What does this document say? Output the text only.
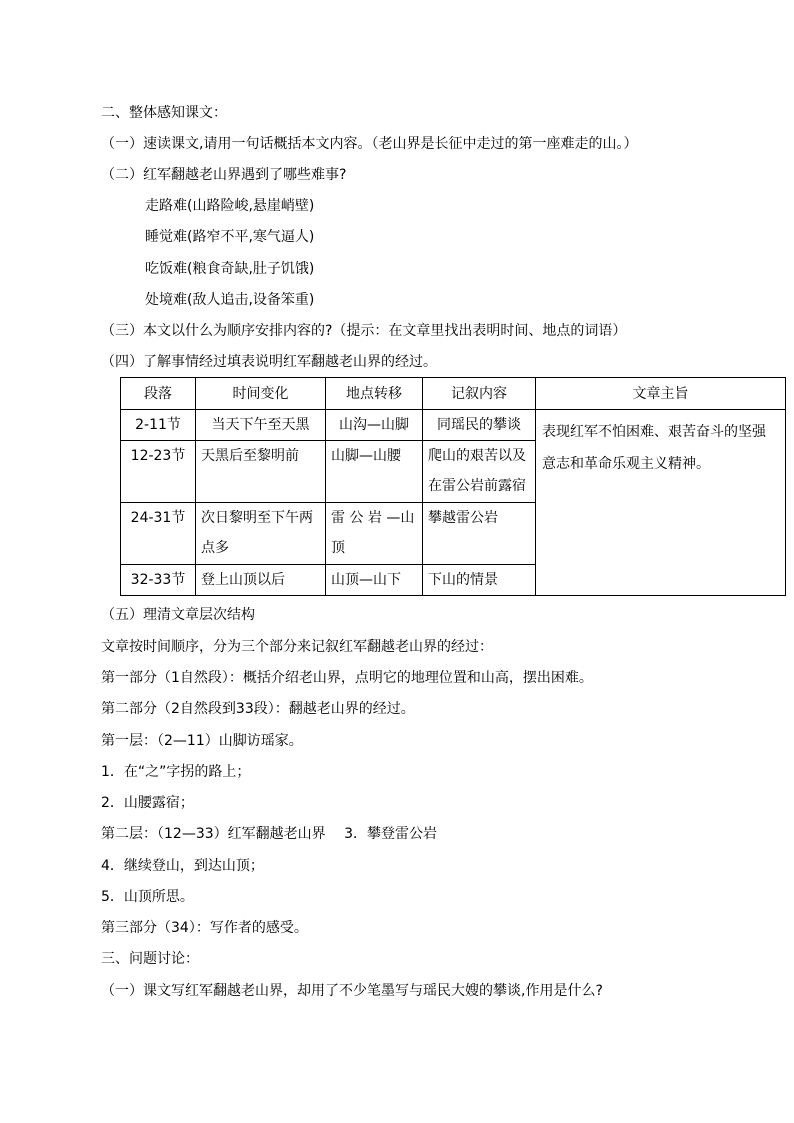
二、整体感知课文：
（一）速读课文,请用一句话概括本文内容。（老山界是长征中走过的第一座难走的山。）
（二）红军翻越老山界遇到了哪些难事?
走路难(山路险峻,悬崖峭壁)
睡觉难(路窄不平,寒气逼人)
吃饭难(粮食奇缺,肚子饥饿)
处境难(敌人追击,设备笨重)
（三）本文以什么为顺序安排内容的?（提示：在文章里找出表明时间、地点的词语）
（四）了解事情经过填表说明红军翻越老山界的经过。
段落	时间变化	地点转移	记叙内容	文章主旨
2-11节	当天下午至天黑	山沟—山脚	同瑶民的攀谈	表现红军不怕困难、艰苦奋斗的坚强意志和革命乐观主义精神。
12-23节	天黑后至黎明前	山脚—山腰	爬山的艰苦以及在雷公岩前露宿	
24-31节	次日黎明至下午两点多	雷 公 岩 —山顶	攀越雷公岩	
32-33节	登上山顶以后	山顶—山下	下山的情景	
（五）理清文章层次结构
文章按时间顺序，分为三个部分来记叙红军翻越老山界的经过：
第一部分（1自然段）：概括介绍老山界，点明它的地理位置和山高，摆出困难。
第二部分（2自然段到33段）：翻越老山界的经过。
第一层：（2—11）山脚访瑶家。
1．在“之”字拐的路上；
2．山腰露宿；
第二层：（12—33）红军翻越老山界　 3．攀登雷公岩
4．继续登山，到达山顶；
5．山顶所思。
第三部分（34）：写作者的感受。
三、问题讨论：
（一）课文写红军翻越老山界，却用了不少笔墨写与瑶民大嫂的攀谈,作用是什么?
